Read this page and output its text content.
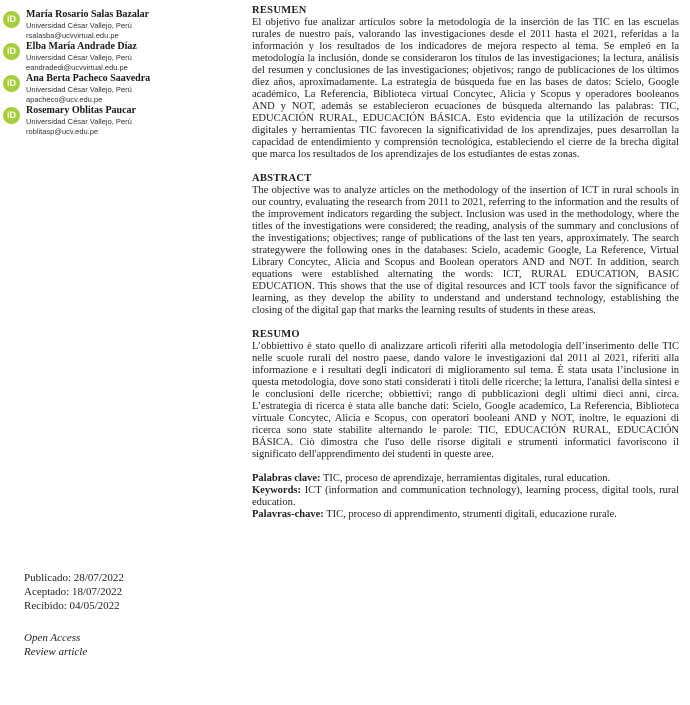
iD	María Rosario Salas Bazalar
Universidad César Vallejo, Perú
rsalasba@ucvvirtual.edu.pe
iD	Elba María Andrade Díaz
Universidad César Vallejo, Perú
eandradedi@ucvvirtual.edu.pe
iD	Ana Berta Pacheco Saavedra
Universidad César Vallejo, Perú
apacheco@ucv.edu.pe
iD	Rosemary Oblitas Paucar
Universidad César Vallejo, Perú
roblitasp@ucv.edu.pe
Publicado: 28/07/2022
Aceptado: 18/07/2022
Recibido: 04/05/2022
Open Access
Review article
RESUMEN

El objetivo fue analizar artículos sobre la metodología de la inserción de las TIC en las escuelas rurales de nuestro país, valorando las investigaciones desde el 2011 hasta el 2021, referidas a la información y los resultados de los indicadores de mejora respecto al tema. Se empleó en la metodología la inclusión, donde se consideraron los títulos de las investigaciones; la lectura, análisis del resumen y conclusiones de las investigaciones; objetivos; rango de publicaciones de los últimos diez años, aproximadamente. La estrategia de búsqueda fue en las bases de datos: Scielo, Google académico, La Referencia, Biblioteca virtual Concytec, Alicia y Scopus y operadores booleanos AND y NOT, además se establecieron ecuaciones de búsqueda alternando las palabras: TIC, EDUCACIÓN RURAL, EDUCACIÓN BÁSICA. Esto evidencia que la utilización de recursos digitales y herramientas TIC favorecen la significatividad de los aprendizajes, pues desarrollan la capacidad de entendimiento y comprensión tecnológica, estableciendo el cierre de la brecha digital que marca los resultados de los aprendizajes de los estudiantes de estas zonas.

ABSTRACT

The objective was to analyze articles on the methodology of the insertion of ICT in rural schools in our country, evaluating the research from 2011 to 2021, referring to the information and the results of the improvement indicators regarding the subject. Inclusion was used in the methodology, where the titles of the investigations were considered; the reading, analysis of the summary and conclusions of the investigations; objectives; range of publications of the last ten years, approximately. The search strategywere the following ones in the databases: Scielo, academic Google, La Reference, Virtual Library Concytec, Alicia and Scopus and Boolean operators AND and NOT. In addition, search equations were established alternating the words: ICT, RURAL EDUCATION, BASIC EDUCATION. This shows that the use of digital resources and ICT tools favor the significance of learning, as they develop the ability to understand and understand technology, establishing the closing of the digital gap that marks the learning results of students in these areas.

RESUMO

L’obbiettivo è stato quello di analizzare articoli riferiti alla metodologia dell’inserimento delle TIC nelle scuole rurali del nostro paese, dando valore le investigazioni dal 2011 al 2021, riferiti alla informazione e i resultati degli indicatori di miglioramento sul tema. È stata usata l’inclusione in questa metodologia, dove sono stati considerati i titoli delle ricerche; la lettura, l'analisi della sintesi e le conclusioni delle ricerche; obbiettivi; rango di pubblicazioni degli ultimi dieci anni, circa. L’estrategia di ricerca è stata alle banche dati: Scielo, Google academico, La Referencia, Biblioteca virtuale Concytec, Alicia e Scopus, con operatori booleani AND y NOT, inoltre, le equazioni di ricerca sono state stabilite alternando le parole: TIC, EDUCACIÓN RURAL, EDUCACIÓN BÁSICA. Ciò dimostra che l'uso delle risorse digitali e strumenti informatici favoriscono il significato dell'apprendimento dei studenti in queste aree.

Palabras clave: TIC, proceso de aprendizaje, herramientas digitales, rural education.
Keywords: ICT (information and communication technology), learning process, digital tools, rural education.
Palavras-chave: TIC, proceso di apprendimento, strumenti digitali, educazione rurale.
